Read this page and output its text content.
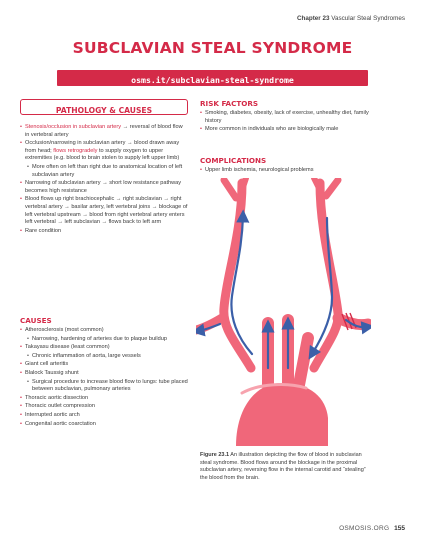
Chapter 23 Vascular Steal Syndromes
SUBCLAVIAN STEAL SYNDROME
osms.it/subclavian-steal-syndrome
PATHOLOGY & CAUSES
• Stenosis/occlusion in subclavian artery → reversal of blood flow in vertebral artery
• Occlusion/narrowing in subclavian artery → blood drawn away from head; flows retrogradely to supply oxygen to upper extremities (e.g. blood to brain stolen to supply left upper limb)
• More often on left than right due to anatomical location of left subclavian artery
• Narrowing of subclavian artery → short low resistance pathway becomes high resistance
• Blood flows up right brachiocephalic → right subclavian → right vertebral artery → basilar artery, left vertebral joins → blockage of left vertebral upstream → blood from right vertebral artery enters left vertebral → left subclavian → flows back to left arm
• Rare condition
CAUSES
• Atherosclerosis (most common)
• Narrowing, hardening of arteries due to plaque buildup
• Takayasu disease (least common)
• Chronic inflammation of aorta, large vessels
• Giant cell arteritis
• Blalock Taussig shunt
• Surgical procedure to increase blood flow to lungs: tube placed between subclavian, pulmonary arteries
• Thoracic aortic dissection
• Thoracic outlet compression
• Interrupted aortic arch
• Congenital aortic coarctation
RISK FACTORS
• Smoking, diabetes, obesity, lack of exercise, unhealthy diet, family history
• More common in individuals who are biologically male
COMPLICATIONS
• Upper limb ischemia, neurological problems
Figure 23.1 An illustration depicting the flow of blood in subclavian steal syndrome. Blood flows around the blockage in the proximal subclavian artery, reversing flow in the internal carotid and “stealing” the blood from the brain.
OSMOSIS.ORG 155
